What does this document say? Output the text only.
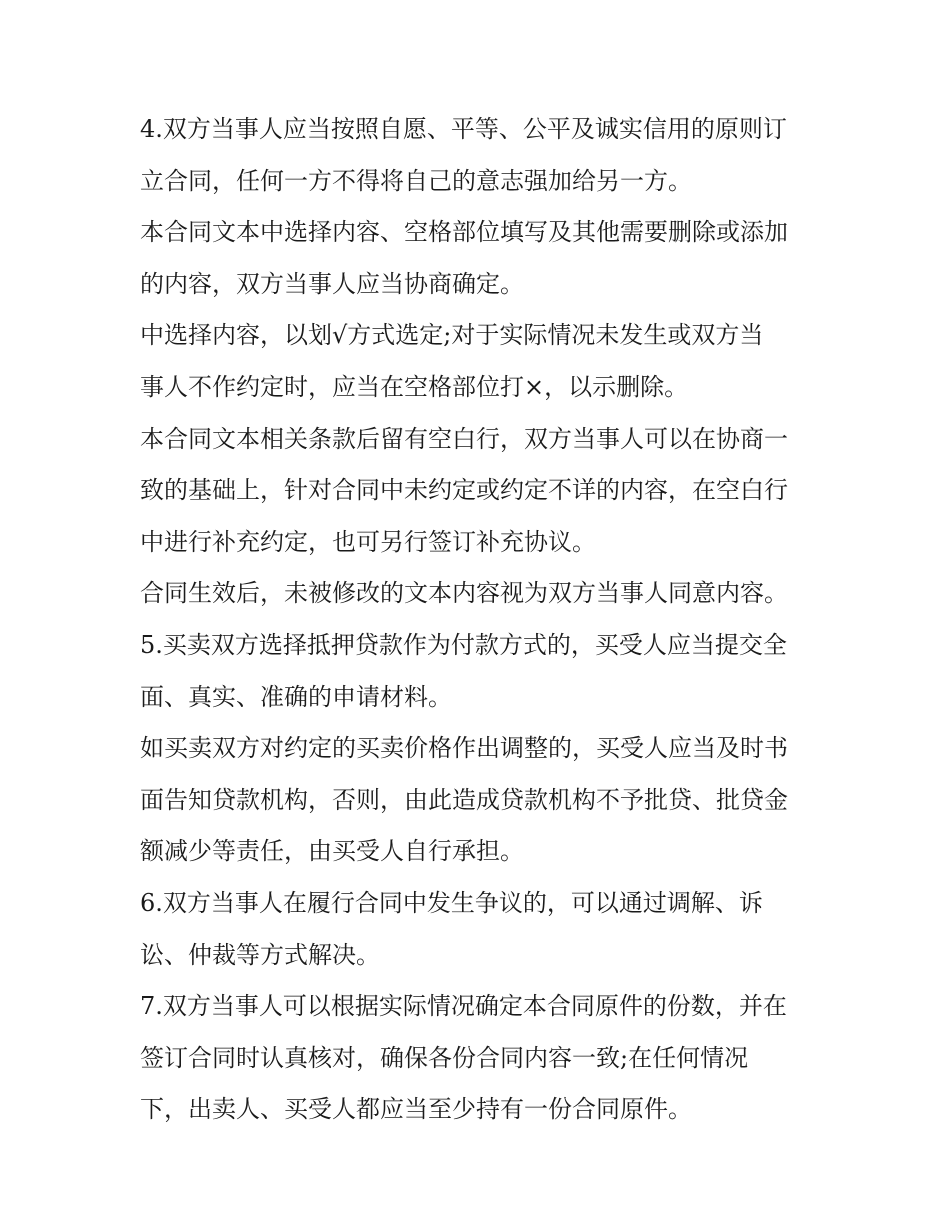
4.双方当事人应当按照自愿、平等、公平及诚实信用的原则订
立合同，任何一方不得将自己的意志强加给另一方。
本合同文本中选择内容、空格部位填写及其他需要删除或添加
的内容，双方当事人应当协商确定。
中选择内容，以划√方式选定;对于实际情况未发生或双方当
事人不作约定时，应当在空格部位打×，以示删除。
本合同文本相关条款后留有空白行，双方当事人可以在协商一
致的基础上，针对合同中未约定或约定不详的内容，在空白行
中进行补充约定，也可另行签订补充协议。
合同生效后，未被修改的文本内容视为双方当事人同意内容。
5.买卖双方选择抵押贷款作为付款方式的，买受人应当提交全
面、真实、准确的申请材料。
如买卖双方对约定的买卖价格作出调整的，买受人应当及时书
面告知贷款机构，否则，由此造成贷款机构不予批贷、批贷金
额减少等责任，由买受人自行承担。
6.双方当事人在履行合同中发生争议的，可以通过调解、诉
讼、仲裁等方式解决。
7.双方当事人可以根据实际情况确定本合同原件的份数，并在
签订合同时认真核对，确保各份合同内容一致;在任何情况
下，出卖人、买受人都应当至少持有一份合同原件。
